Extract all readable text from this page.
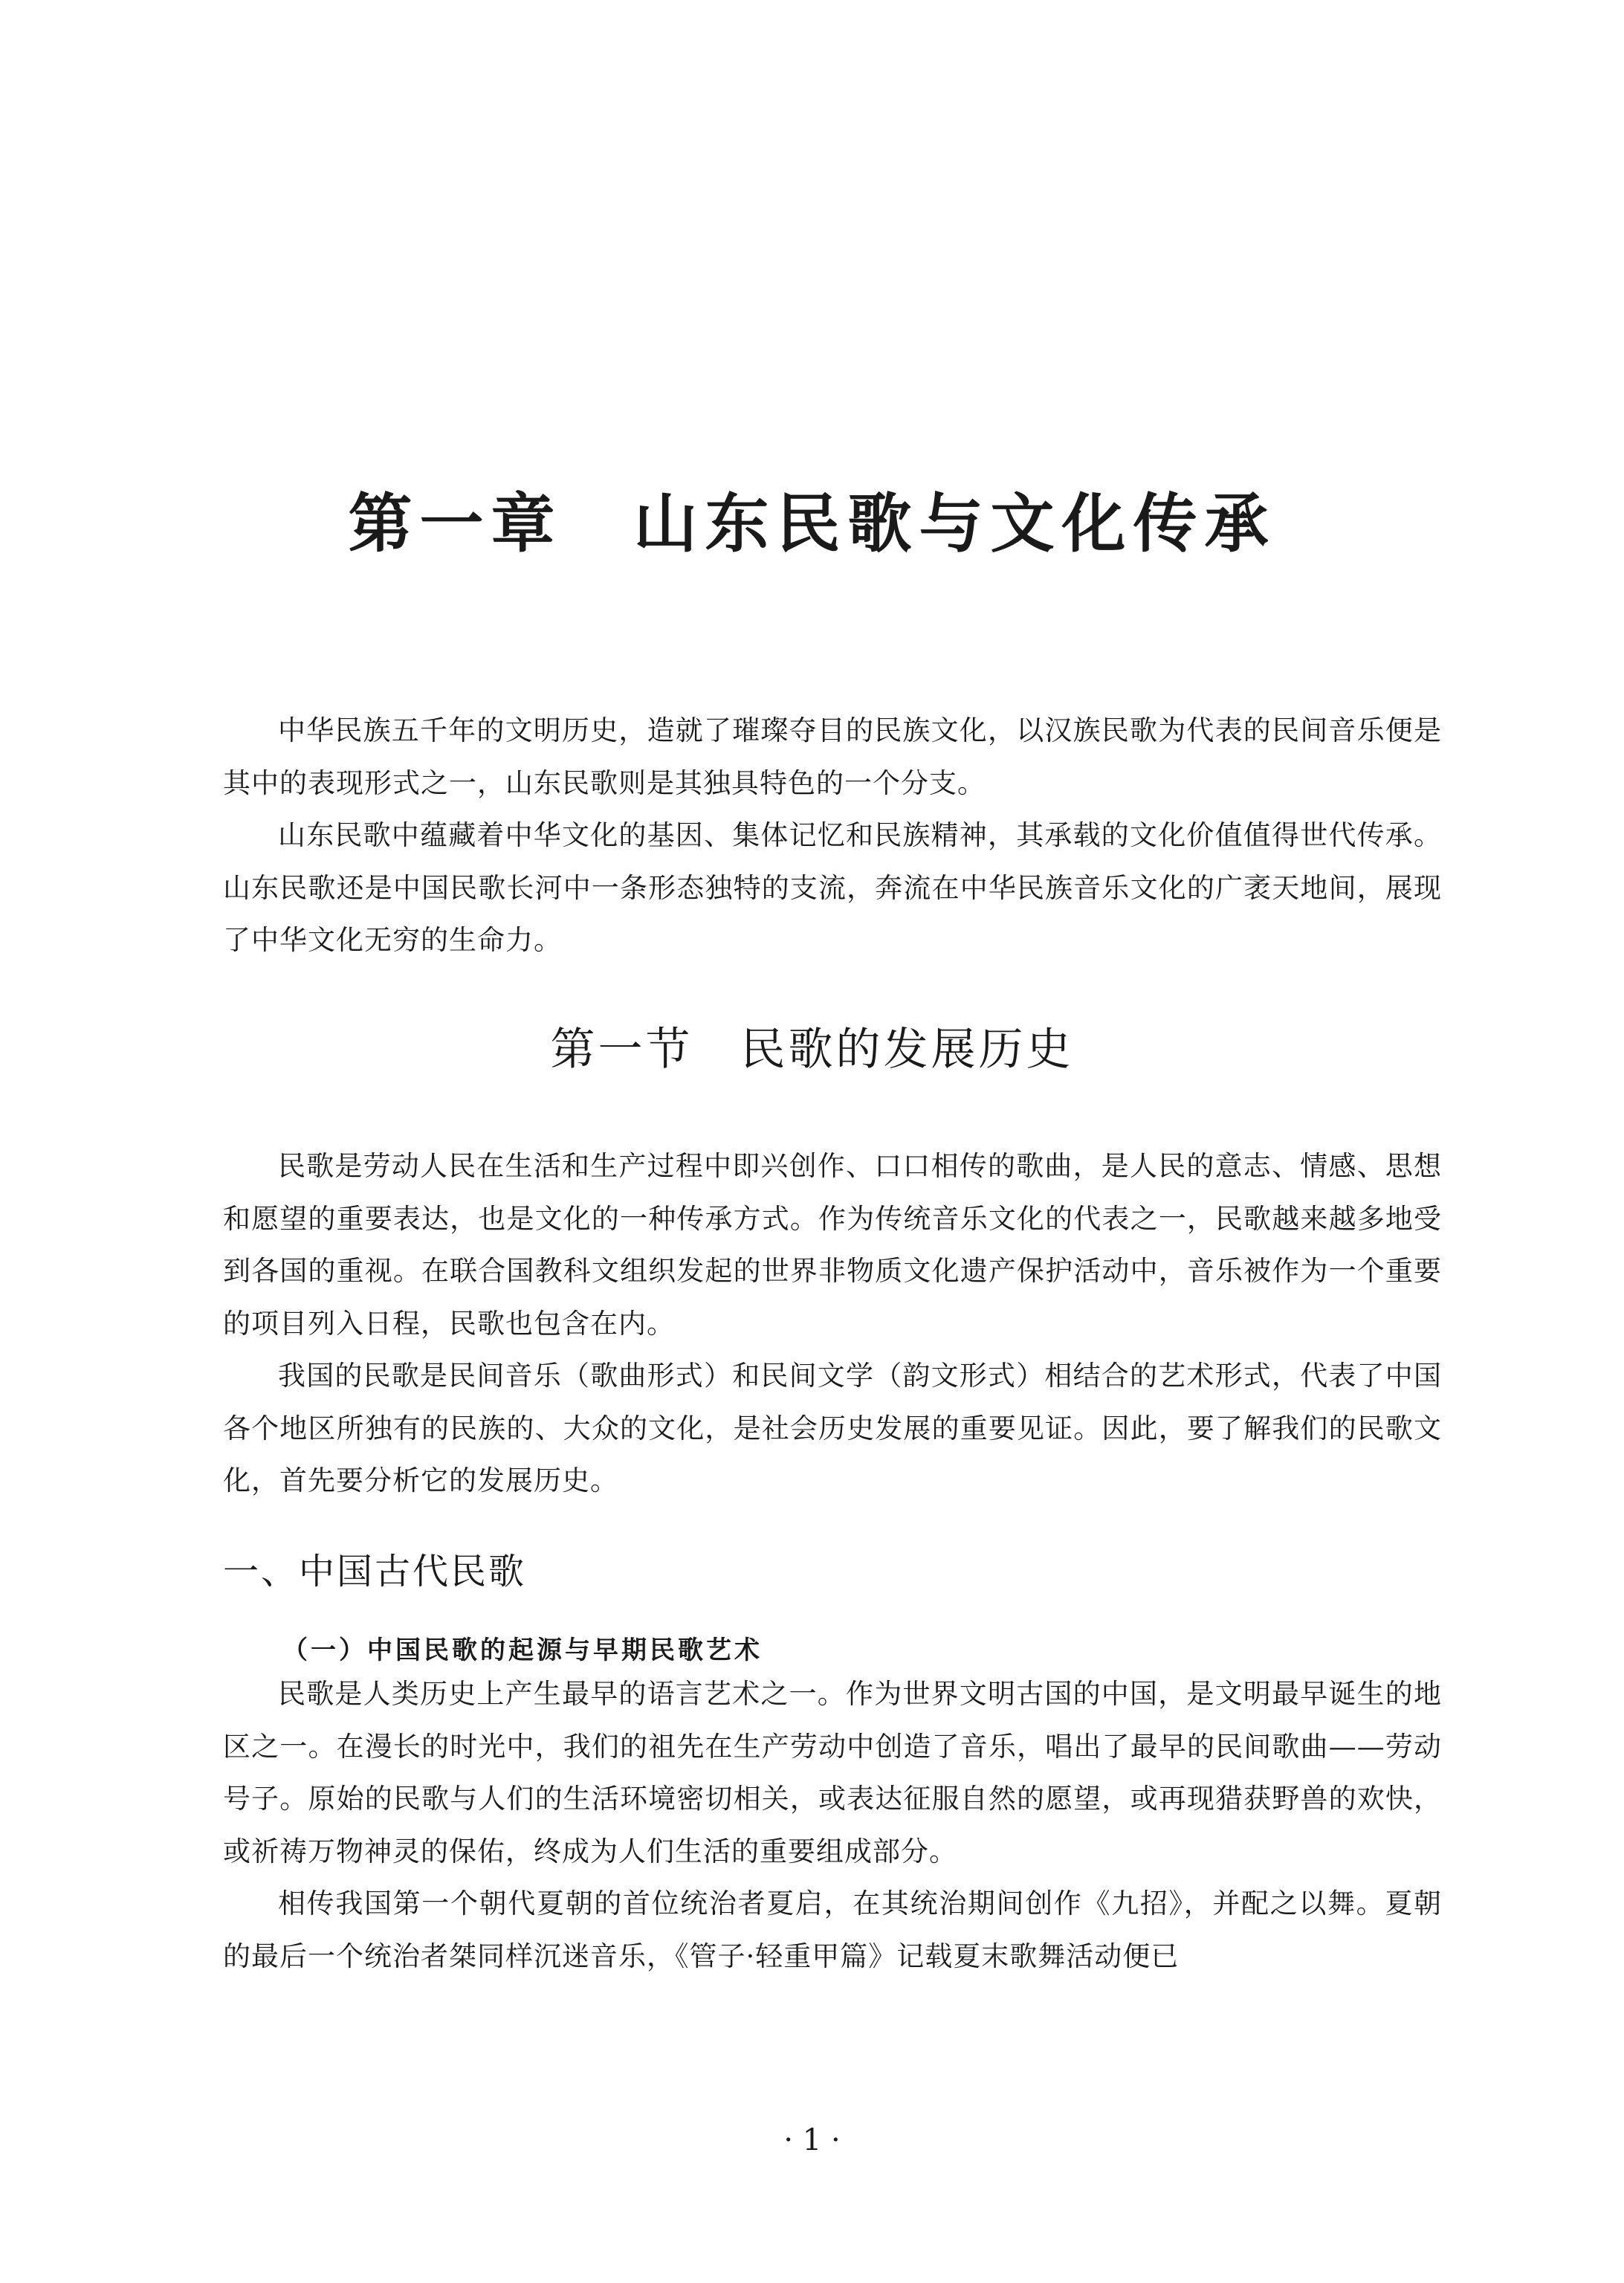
第一章　山东民歌与文化传承

中华民族五千年的文明历史，造就了璀璨夺目的民族文化，以汉族民歌为代表的民间音乐便是其中的表现形式之一，山东民歌则是其独具特色的一个分支。

山东民歌中蕴藏着中华文化的基因、集体记忆和民族精神，其承载的文化价值值得世代传承。山东民歌还是中国民歌长河中一条形态独特的支流，奔流在中华民族音乐文化的广袤天地间，展现了中华文化无穷的生命力。

第一节　民歌的发展历史

民歌是劳动人民在生活和生产过程中即兴创作、口口相传的歌曲，是人民的意志、情感、思想和愿望的重要表达，也是文化的一种传承方式。作为传统音乐文化的代表之一，民歌越来越多地受到各国的重视。在联合国教科文组织发起的世界非物质文化遗产保护活动中，音乐被作为一个重要的项目列入日程，民歌也包含在内。

我国的民歌是民间音乐（歌曲形式）和民间文学（韵文形式）相结合的艺术形式，代表了中国各个地区所独有的民族的、大众的文化，是社会历史发展的重要见证。因此，要了解我们的民歌文化，首先要分析它的发展历史。

一、中国古代民歌
（一）中国民歌的起源与早期民歌艺术

民歌是人类历史上产生最早的语言艺术之一。作为世界文明古国的中国，是文明最早诞生的地区之一。在漫长的时光中，我们的祖先在生产劳动中创造了音乐，唱出了最早的民间歌曲——劳动号子。原始的民歌与人们的生活环境密切相关，或表达征服自然的愿望，或再现猎获野兽的欢快，或祈祷万物神灵的保佑，终成为人们生活的重要组成部分。

相传我国第一个朝代夏朝的首位统治者夏启，在其统治期间创作《九招》，并配之以舞。夏朝的最后一个统治者桀同样沉迷音乐，《管子·轻重甲篇》记载夏末歌舞活动便已

· 1 ·
